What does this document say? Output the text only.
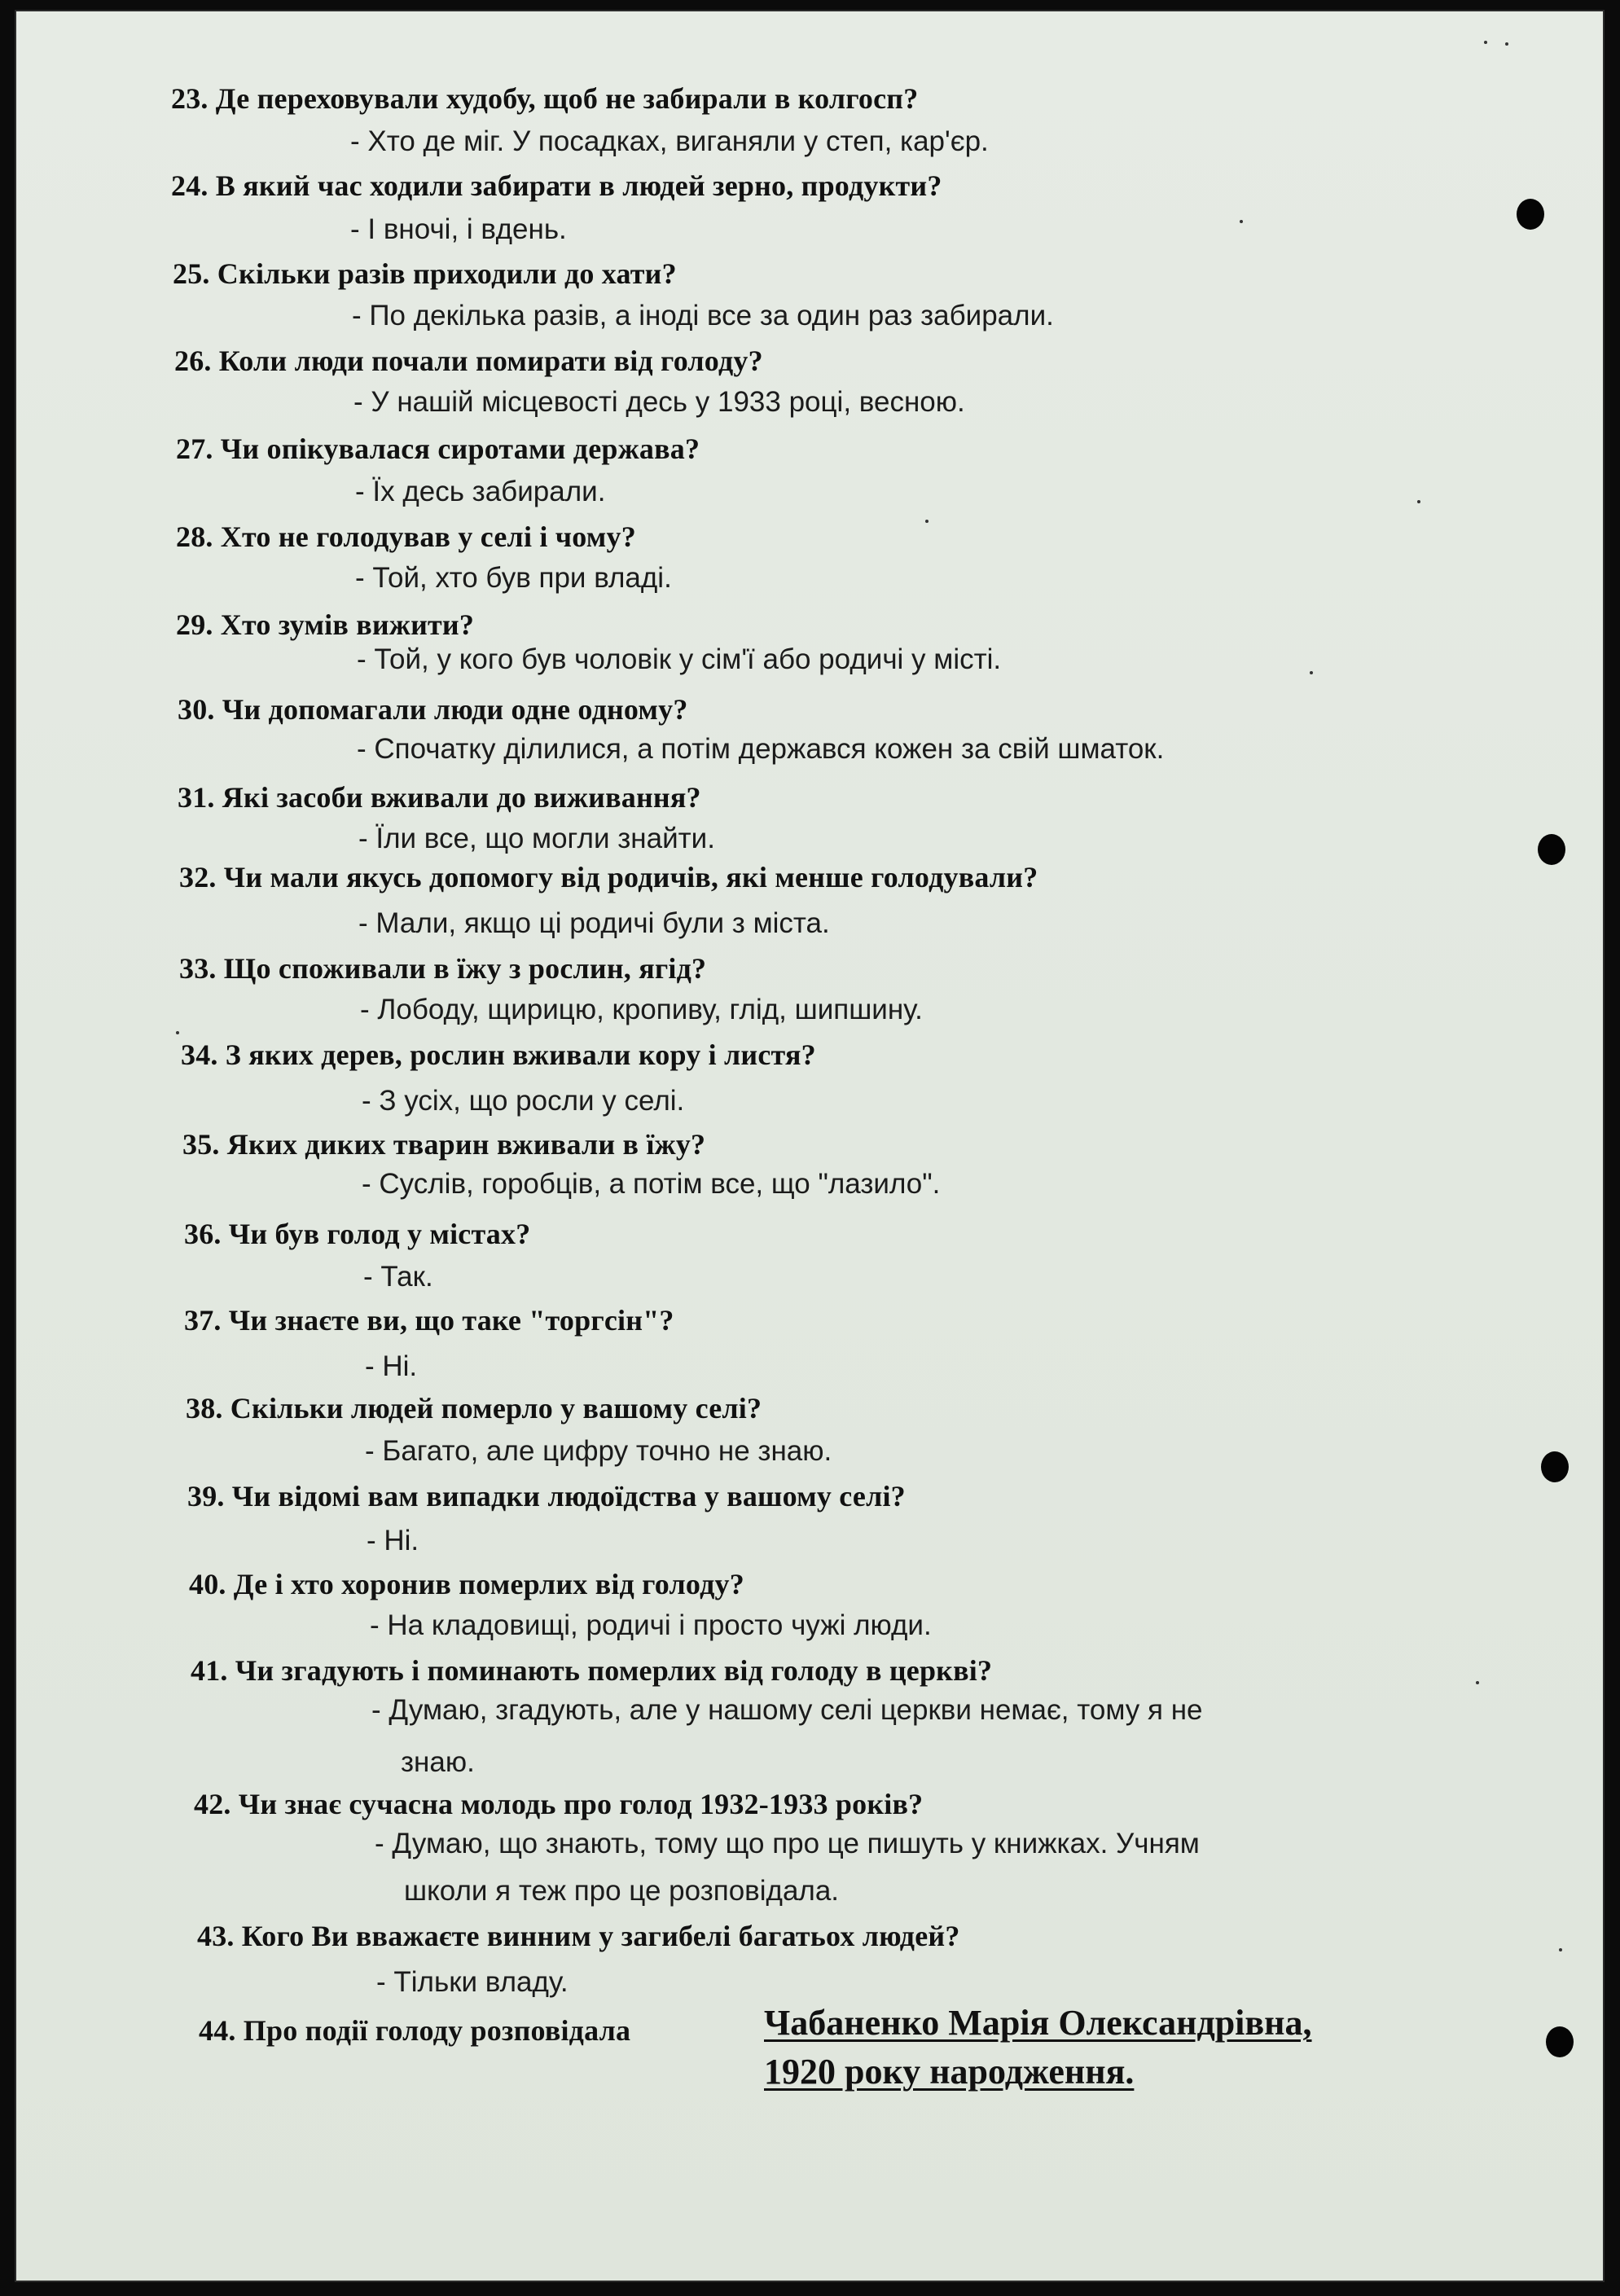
23. Де переховували худобу, щоб не забирали в колгосп?
- Хто де міг. У посадках, виганяли у степ, кар'єр.
24. В який час ходили забирати в людей зерно, продукти?
- І вночі, і вдень.
25. Скільки разів приходили до хати?
- По декілька разів, а іноді все за один раз забирали.
26. Коли люди почали помирати від голоду?
- У нашій місцевості десь у 1933 році, весною.
27. Чи опікувалася сиротами держава?
- Їх десь забирали.
28. Хто не голодував у селі і чому?
- Той, хто був при владі.
29. Хто зумів вижити?
- Той, у кого був чоловік у сім'ї або родичі у місті.
30. Чи допомагали люди одне одному?
- Спочатку ділилися, а потім держався кожен за свій шматок.
31. Які засоби вживали до виживання?
- Їли все, що могли знайти.
32. Чи мали якусь допомогу від родичів, які менше голодували?
- Мали, якщо ці родичі були з міста.
33. Що споживали в їжу з рослин, ягід?
- Лободу, щирицю, кропиву, глід, шипшину.
34. З яких дерев, рослин вживали кору і листя?
- З усіх, що росли у селі.
35. Яких диких тварин вживали в їжу?
- Суслів, горобців, а потім все, що "лазило".
36. Чи був голод у містах?
- Так.
37. Чи знаєте ви, що таке "торгсін"?
- Ні.
38. Скільки людей померло у вашому селі?
- Багато, але цифру точно не знаю.
39. Чи відомі вам випадки людоїдства у вашому селі?
- Ні.
40. Де і хто хоронив померлих від голоду?
- На кладовищі, родичі і просто чужі люди.
41. Чи згадують і поминають померлих від голоду в церкві?
- Думаю, згадують, але у нашому селі церкви немає, тому я не
знаю.
42. Чи знає сучасна молодь про голод 1932-1933 років?
- Думаю, що знають, тому що про це пишуть у книжках. Учням
школи я теж про це розповідала.
43. Кого Ви вважаєте винним у загибелі багатьох людей?
- Тільки владу.
44. Про події голоду розповідала	Чабаненко Марія Олександрівна,
1920 року народження.
